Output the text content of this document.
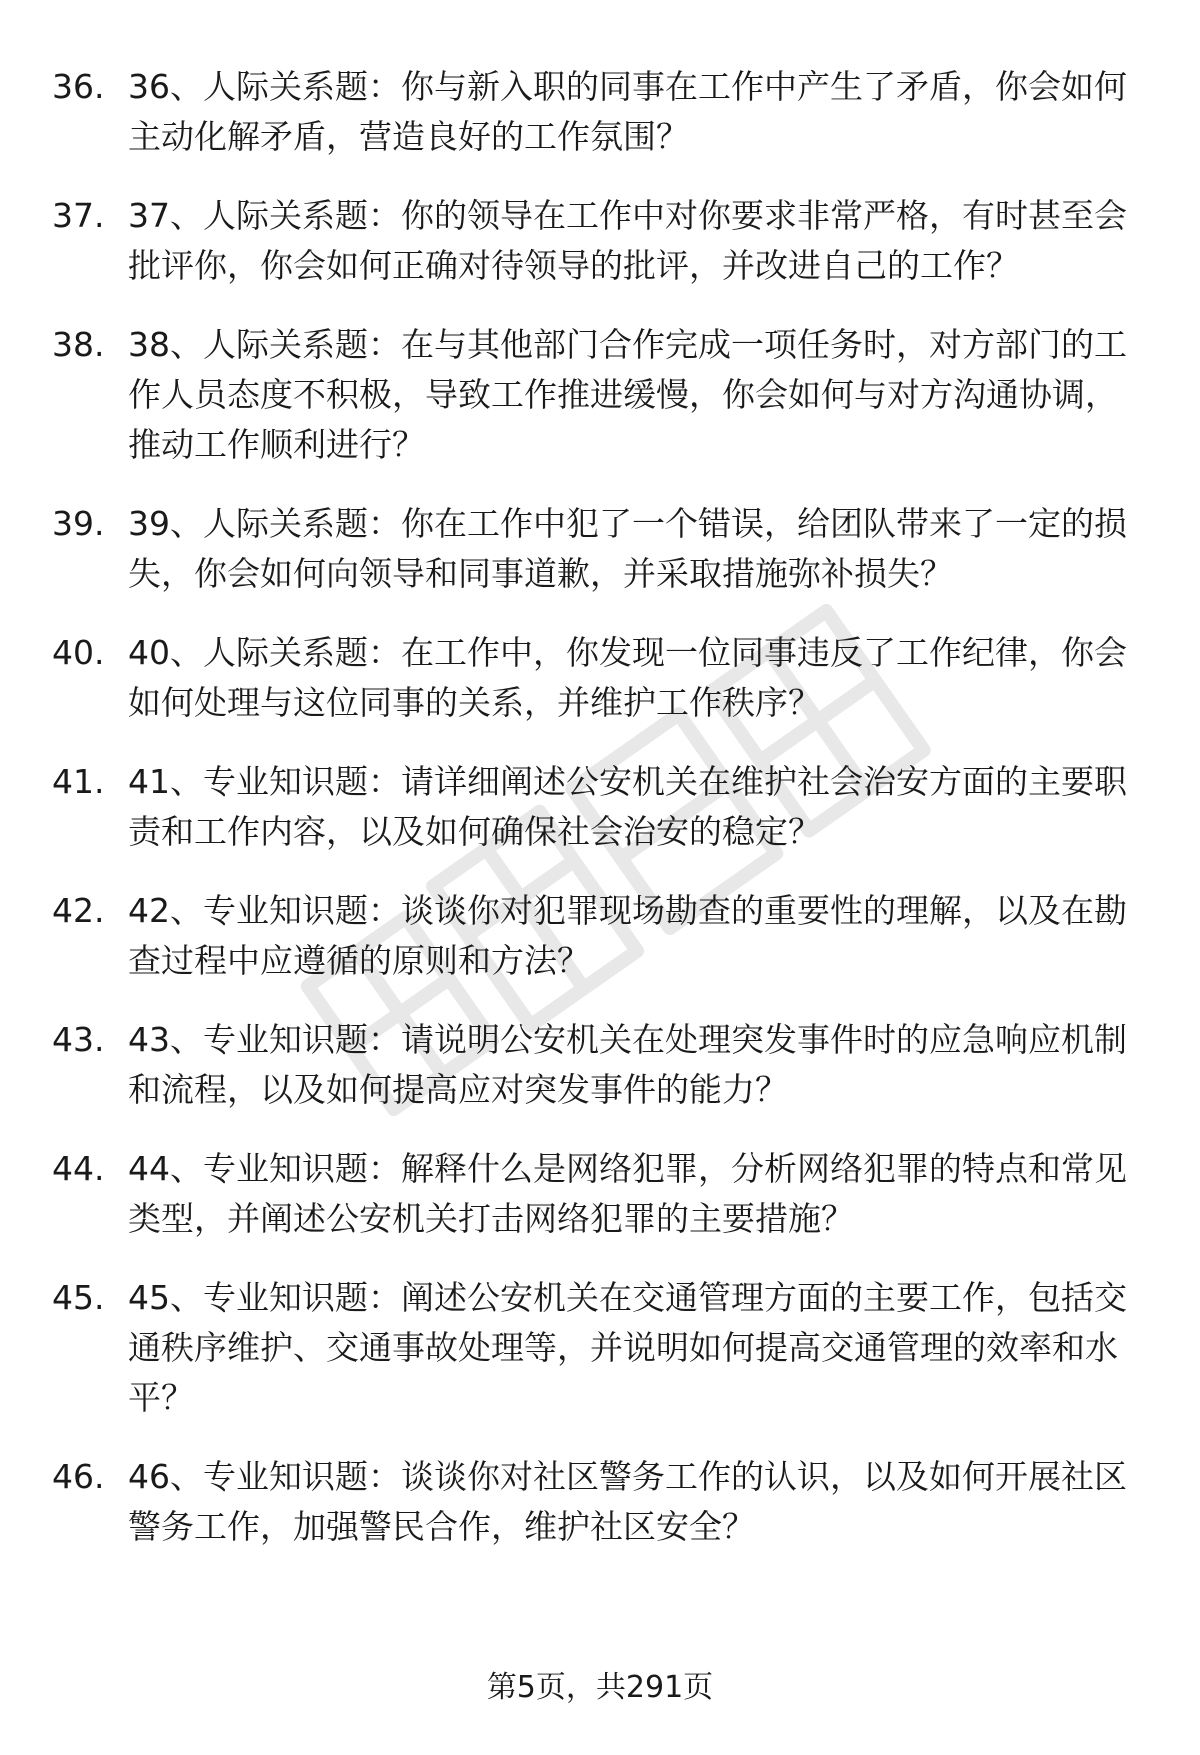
36. 36、人际关系题：你与新入职的同事在工作中产生了矛盾，你会如何主动化解矛盾，营造良好的工作氛围？
37. 37、人际关系题：你的领导在工作中对你要求非常严格，有时甚至会批评你，你会如何正确对待领导的批评，并改进自己的工作？
38. 38、人际关系题：在与其他部门合作完成一项任务时，对方部门的工作人员态度不积极，导致工作推进缓慢，你会如何与对方沟通协调，推动工作顺利进行？
39. 39、人际关系题：你在工作中犯了一个错误，给团队带来了一定的损失，你会如何向领导和同事道歉，并采取措施弥补损失？
40. 40、人际关系题：在工作中，你发现一位同事违反了工作纪律，你会如何处理与这位同事的关系，并维护工作秩序？
41. 41、专业知识题：请详细阐述公安机关在维护社会治安方面的主要职责和工作内容，以及如何确保社会治安的稳定？
42. 42、专业知识题：谈谈你对犯罪现场勘查的重要性的理解，以及在勘查过程中应遵循的原则和方法？
43. 43、专业知识题：请说明公安机关在处理突发事件时的应急响应机制和流程，以及如何提高应对突发事件的能力？
44. 44、专业知识题：解释什么是网络犯罪，分析网络犯罪的特点和常见类型，并阐述公安机关打击网络犯罪的主要措施？
45. 45、专业知识题：阐述公安机关在交通管理方面的主要工作，包括交通秩序维护、交通事故处理等，并说明如何提高交通管理的效率和水平？
46. 46、专业知识题：谈谈你对社区警务工作的认识，以及如何开展社区警务工作，加强警民合作，维护社区安全？
第5页，共291页
